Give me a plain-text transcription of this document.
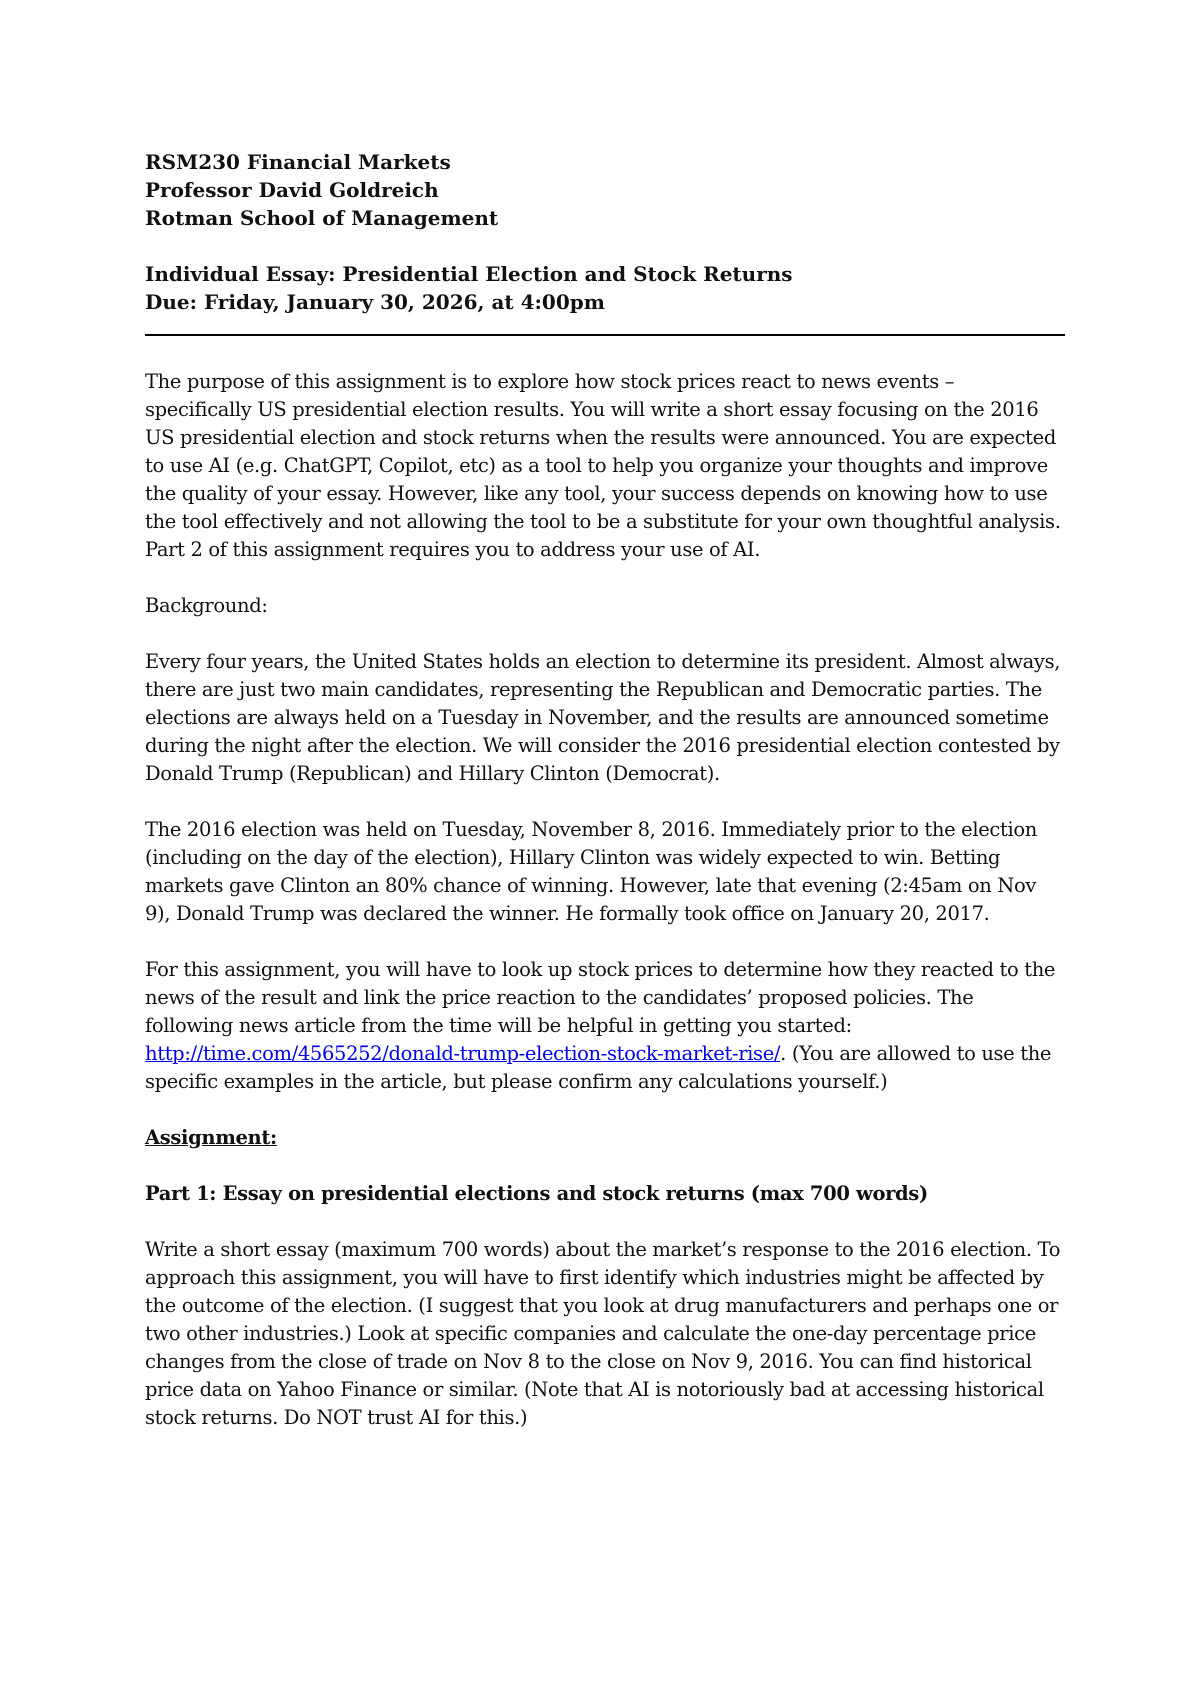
RSM230 Financial Markets
Professor David Goldreich
Rotman School of Management
Individual Essay: Presidential Election and Stock Returns
Due: Friday, January 30, 2026, at 4:00pm

The purpose of this assignment is to explore how stock prices react to news events – specifically US presidential election results. You will write a short essay focusing on the 2016 US presidential election and stock returns when the results were announced. You are expected to use AI (e.g. ChatGPT, Copilot, etc) as a tool to help you organize your thoughts and improve the quality of your essay. However, like any tool, your success depends on knowing how to use the tool effectively and not allowing the tool to be a substitute for your own thoughtful analysis. Part 2 of this assignment requires you to address your use of AI.

Background:

Every four years, the United States holds an election to determine its president. Almost always, there are just two main candidates, representing the Republican and Democratic parties. The elections are always held on a Tuesday in November, and the results are announced sometime during the night after the election. We will consider the 2016 presidential election contested by Donald Trump (Republican) and Hillary Clinton (Democrat).

The 2016 election was held on Tuesday, November 8, 2016. Immediately prior to the election (including on the day of the election), Hillary Clinton was widely expected to win. Betting markets gave Clinton an 80% chance of winning. However, late that evening (2:45am on Nov 9), Donald Trump was declared the winner. He formally took office on January 20, 2017.

For this assignment, you will have to look up stock prices to determine how they reacted to the news of the result and link the price reaction to the candidates’ proposed policies. The following news article from the time will be helpful in getting you started: http://time.com/4565252/donald-trump-election-stock-market-rise/. (You are allowed to use the specific examples in the article, but please confirm any calculations yourself.)

Assignment:

Part 1: Essay on presidential elections and stock returns (max 700 words)

Write a short essay (maximum 700 words) about the market’s response to the 2016 election. To approach this assignment, you will have to first identify which industries might be affected by the outcome of the election. (I suggest that you look at drug manufacturers and perhaps one or two other industries.) Look at specific companies and calculate the one-day percentage price changes from the close of trade on Nov 8 to the close on Nov 9, 2016. You can find historical price data on Yahoo Finance or similar. (Note that AI is notoriously bad at accessing historical stock returns. Do NOT trust AI for this.)
